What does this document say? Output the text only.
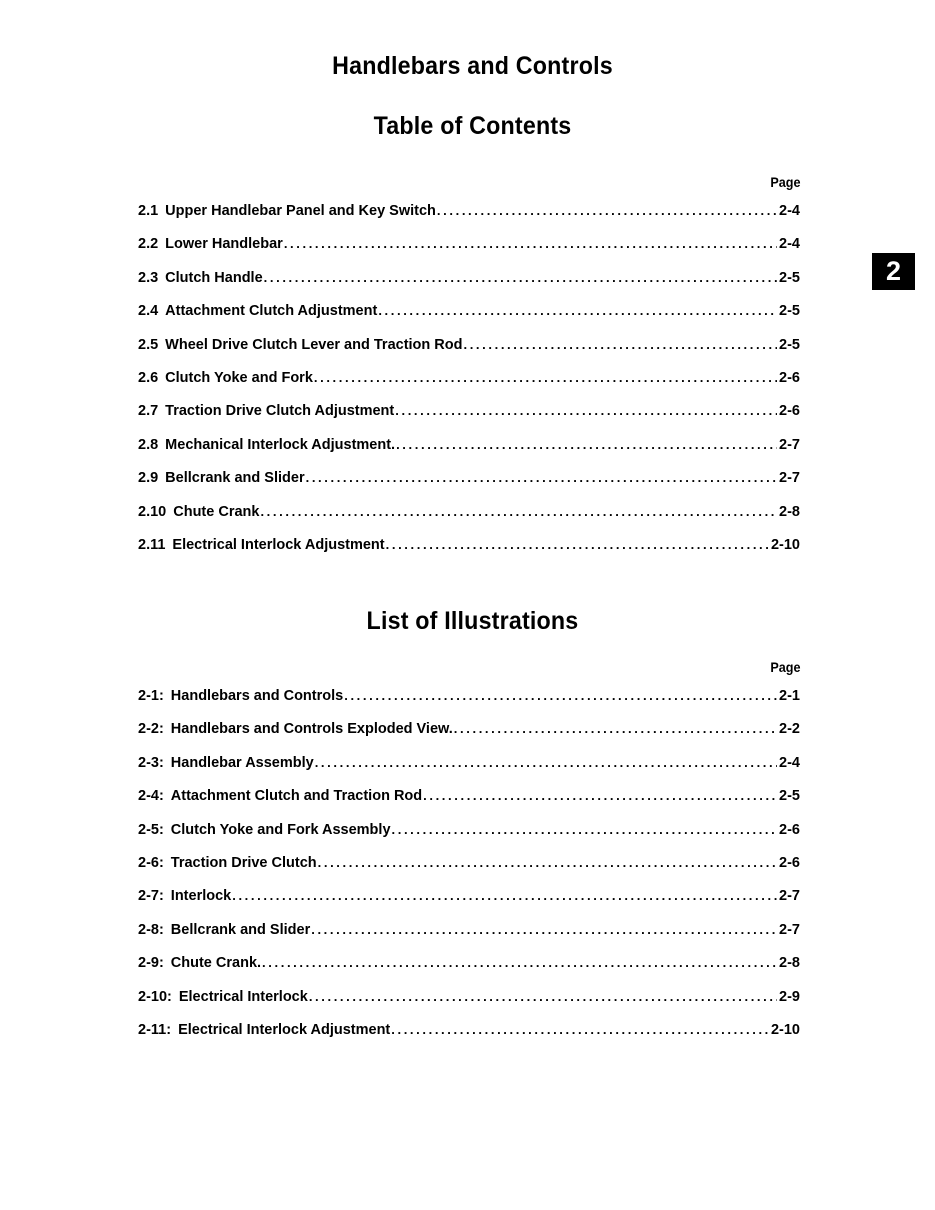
Handlebars and Controls
Table of Contents
Page
2
2.1 Upper Handlebar Panel and Key Switch . . .	2-4
2.2 Lower Handlebar . . .	2-4
2.3 Clutch Handle . . .	2-5
2.4 Attachment Clutch Adjustment . . .	2-5
2.5 Wheel Drive Clutch Lever and Traction Rod . . .	2-5
2.6 Clutch Yoke and Fork . . .	2-6
2.7 Traction Drive Clutch Adjustment . . .	2-6
2.8 Mechanical Interlock Adjustment. . . .	2-7
2.9 Bellcrank and Slider . . .	2-7
2.10 Chute Crank . . .	2-8
2.11 Electrical Interlock Adjustment . . .	2-10
List of Illustrations
Page
2-1: Handlebars and Controls . . .	2-1
2-2: Handlebars and Controls Exploded View. . . .	2-2
2-3: Handlebar Assembly . . .	2-4
2-4: Attachment Clutch and Traction Rod . . .	2-5
2-5: Clutch Yoke and Fork Assembly . . .	2-6
2-6: Traction Drive Clutch . . .	2-6
2-7: Interlock . . .	2-7
2-8: Bellcrank and Slider . . .	2-7
2-9: Chute Crank. . . .	2-8
2-10: Electrical Interlock . . .	2-9
2-11: Electrical Interlock Adjustment . . .	2-10
